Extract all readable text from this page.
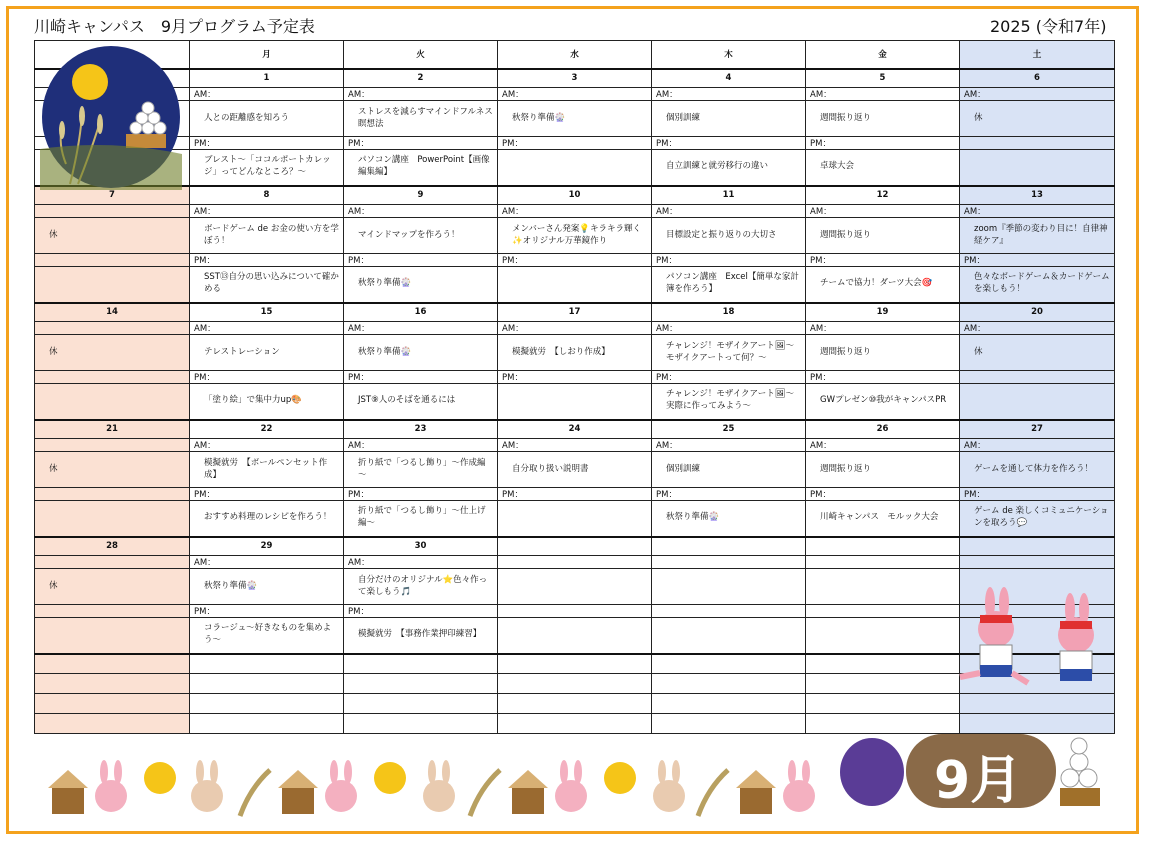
川崎キャンパス　9月プログラム予定表	2025 (令和7年)
	月	火	水	木	金	土
	1	2	3	4	5	6
	AM：	AM：	AM：	AM：	AM：	AM：
	人との距離感を知ろう	ストレスを減らすマインドフルネス瞑想法	秋祭り準備🎡	個別訓練	週間振り返り	休
	PM：	PM：	PM：	PM：	PM：	
	ブレスト～「ココルポートカレッジ」ってどんなところ？～	パソコン講座　PowerPoint【画像編集編】		自立訓練と就労移行の違い	卓球大会	
7	8	9	10	11	12	13
	AM：	AM：	AM：	AM：	AM：	AM：
休	ボードゲーム de お金の使い方を学ぼう！	マインドマップを作ろう！	メンバーさん発案💡キラキラ輝く✨オリジナル万華鏡作り	目標設定と振り返りの大切さ	週間振り返り	zoom『季節の変わり目に！自律神経ケア』
	PM：	PM：	PM：	PM：	PM：	PM：
	SST⑬自分の思い込みについて確かめる	秋祭り準備🎡		パソコン講座　Excel【簡単な家計簿を作ろう】	チームで協力！ダーツ大会🎯	色々なボードゲーム＆カードゲームを楽しもう！
14	15	16	17	18	19	20
	AM：	AM：	AM：	AM：	AM：	AM：
休	テレストレーション	秋祭り準備🎡	模擬就労　【しおり作成】	チャレンジ！モザイクアート🖼～モザイクアートって何？～	週間振り返り	休
	PM：	PM：	PM：	PM：	PM：	
	「塗り絵」で集中力up🎨	JST⑨人のそばを通るには		チャレンジ！モザイクアート🖼～実際に作ってみよう～	GWプレゼン⑩我がキャンパスPR	
21	22	23	24	25	26	27
	AM：	AM：	AM：	AM：	AM：	AM：
休	模擬就労　【ボールペンセット作成】	折り紙で「つるし飾り」～作成編～	自分取り扱い説明書	個別訓練	週間振り返り	ゲームを通して体力を作ろう！
	PM：	PM：	PM：	PM：	PM：	PM：
	おすすめ料理のレシピを作ろう！	折り紙で「つるし飾り」～仕上げ編～		秋祭り準備🎡	川崎キャンパス　モルック大会	ゲーム de 楽しくコミュニケーションを取ろう💬
28	29	30				
	AM：	AM：				
休	秋祭り準備🎡	自分だけのオリジナル⭐色々作って楽しもう🎵				
	PM：	PM：				
	コラージュ～好きなものを集めよう～	模擬就労　【事務作業押印練習】				

9月
